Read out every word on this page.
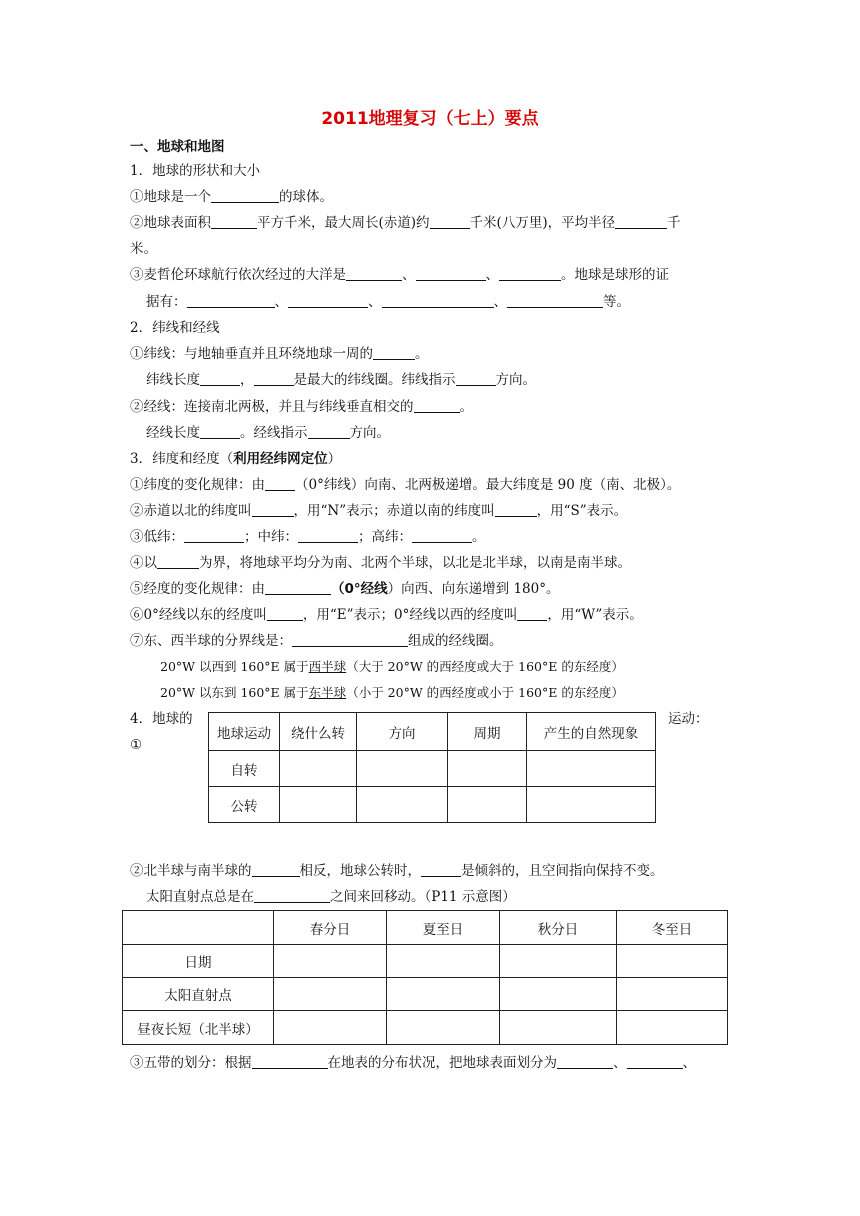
2011地理复习（七上）要点
一、地球和地图
1．地球的形状和大小
①地球是一个	的球体。
②地球表面积	平方千米，最大周长(赤道)约	千米(八万里)，平均半径	千
米。
③麦哲伦环球航行依次经过的大洋是	、	、	。地球是球形的证
据有：	、	、	、	等。
2．纬线和经线
①纬线：与地轴垂直并且环绕地球一周的	。
纬线长度	，	是最大的纬线圈。纬线指示	方向。
②经线：连接南北两极，并且与纬线垂直相交的	。
经线长度	。经线指示	方向。
3．纬度和经度（利用经纬网定位）
①纬度的变化规律：由 （0°纬线）向南、北两极递增。最大纬度是 90 度（南、北极）。
②赤道以北的纬度叫	，用“N”表示；赤道以南的纬度叫	，用“S”表示。
③低纬：	；中纬：	；高纬：	。
④以	为界，将地球平均分为南、北两个半球，以北是北半球，以南是南半球。
⑤经度的变化规律：由	（0°经线）向西、向东递增到 180°。
⑥0°经线以东的经度叫	，用“E”表示；0°经线以西的经度叫 ，用“W”表示。
⑦东、西半球的分界线是：	组成的经线圈。
20°W 以西到 160°E 属于西半球（大于 20°W 的西经度或大于 160°E 的东经度）
20°W 以东到 160°E 属于东半球（小于 20°W 的西经度或小于 160°E 的东经度）
4．地球的
①
运动：
地球运动	绕什么转	方向	周期	产生的自然现象
自转				
公转				
②北半球与南半球的	相反，地球公转时，	是倾斜的，且空间指向保持不变。
太阳直射点总是在	之间来回移动。（P11 示意图）
	春分日	夏至日	秋分日	冬至日
日期				
太阳直射点				
昼夜长短（北半球）				
③五带的划分：根据	在地表的分布状况，把地球表面划分为	、	、
